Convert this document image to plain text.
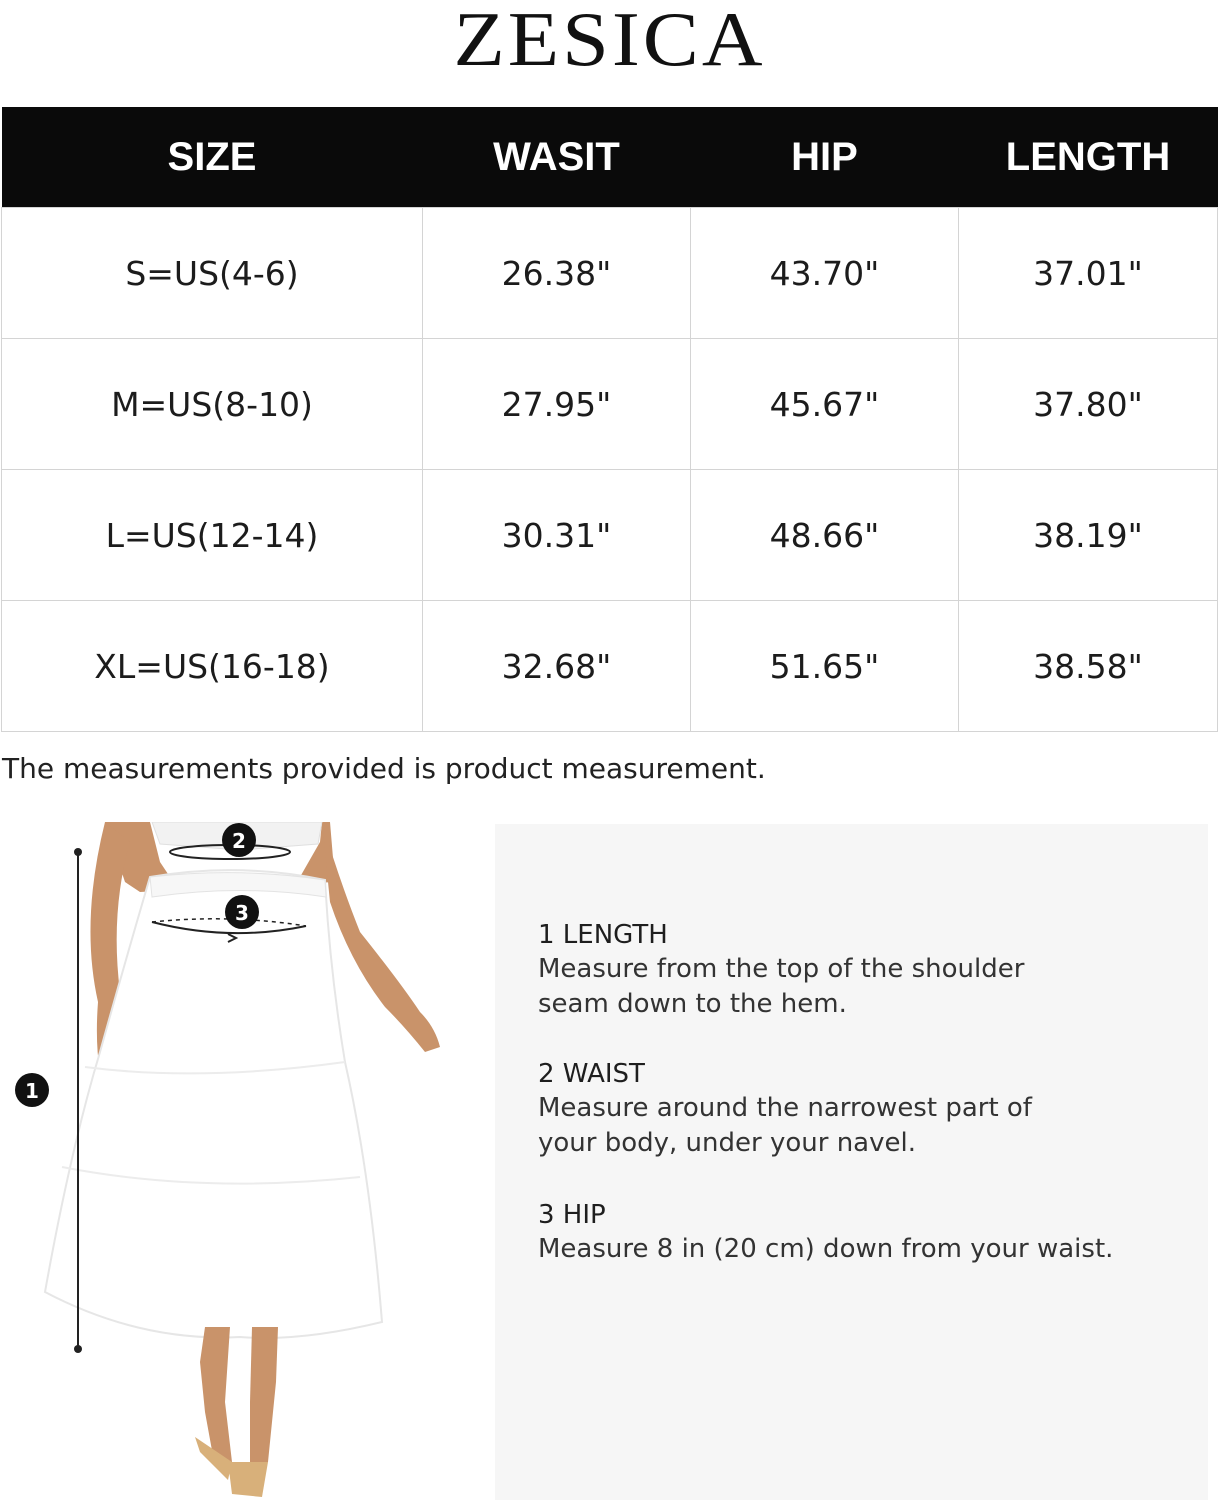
ZESICA
SIZE	WASIT	HIP	LENGTH
S=US(4-6)	26.38"	43.70"	37.01"
M=US(8-10)	27.95"	45.67"	37.80"
L=US(12-14)	30.31"	48.66"	38.19"
XL=US(16-18)	32.68"	51.65"	38.58"
The measurements provided is product measurement.
1
2
3
1 LENGTH
Measure from the top of the shoulder
seam down to the hem.
2 WAIST
Measure around the narrowest part of
your body, under your navel.
3 HIP
Measure 8 in (20 cm) down from your waist.
